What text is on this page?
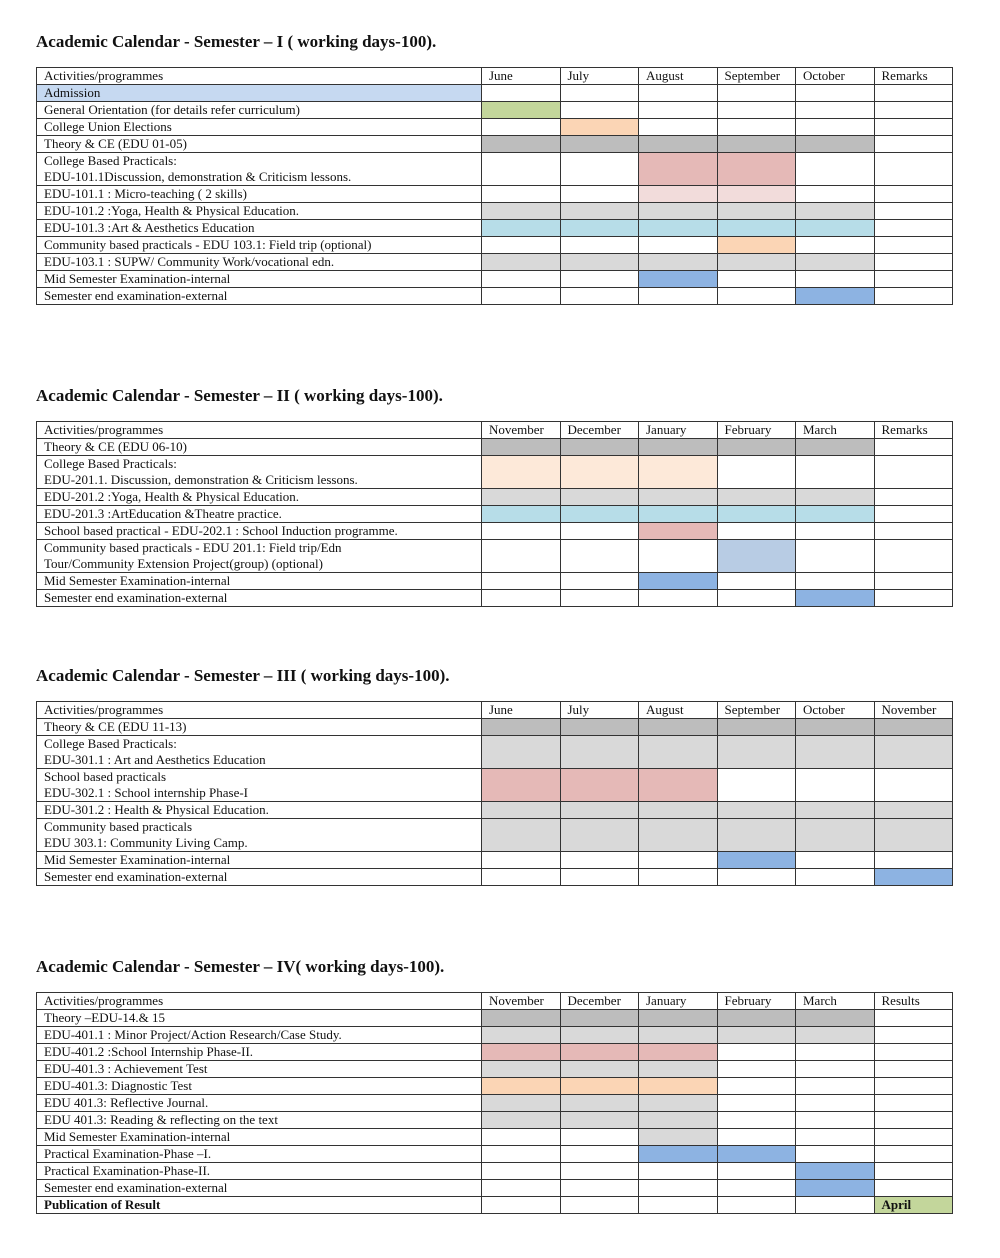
Academic Calendar - Semester – I ( working days-100).
Activities/programmes	June	July	August	September	October	Remarks
Admission						
General Orientation (for details refer curriculum)						
College Union Elections						
Theory & CE (EDU 01-05)						
College Based Practicals:
EDU-101.1Discussion, demonstration & Criticism lessons.						
EDU-101.1 : Micro-teaching ( 2 skills)						
EDU-101.2 :Yoga, Health & Physical Education.						
EDU-101.3 :Art & Aesthetics Education						
Community based practicals - EDU 103.1: Field trip (optional)						
EDU-103.1 : SUPW/ Community Work/vocational edn.						
Mid Semester Examination-internal						
Semester end examination-external						
Academic Calendar - Semester – II ( working days-100).
Activities/programmes	November	December	January	February	March	Remarks
Theory & CE (EDU 06-10)						
College Based Practicals:
EDU-201.1. Discussion, demonstration & Criticism lessons.						
EDU-201.2 :Yoga, Health & Physical Education.						
EDU-201.3 :ArtEducation &Theatre practice.						
School based practical - EDU-202.1 : School Induction programme.						
Community based practicals - EDU 201.1: Field trip/Edn
Tour/Community Extension Project(group) (optional)						
Mid Semester Examination-internal						
Semester end examination-external						
Academic Calendar - Semester – III ( working days-100).
Activities/programmes	June	July	August	September	October	November
Theory & CE (EDU 11-13)						
College Based Practicals:
EDU-301.1 : Art and Aesthetics Education						
School based practicals
EDU-302.1 : School internship Phase-I						
EDU-301.2 : Health & Physical Education.						
Community based practicals
EDU 303.1: Community Living Camp.						
Mid Semester Examination-internal						
Semester end examination-external						
Academic Calendar - Semester – IV( working days-100).
Activities/programmes	November	December	January	February	March	Results
Theory –EDU-14.& 15						
EDU-401.1 : Minor Project/Action Research/Case Study.						
EDU-401.2 :School Internship Phase-II.						
EDU-401.3 : Achievement Test						
EDU-401.3: Diagnostic Test						
EDU 401.3: Reflective Journal.						
EDU 401.3: Reading & reflecting on the text						
Mid Semester Examination-internal						
Practical Examination-Phase –I.						
Practical Examination-Phase-II.						
Semester end examination-external						
Publication of Result						April
